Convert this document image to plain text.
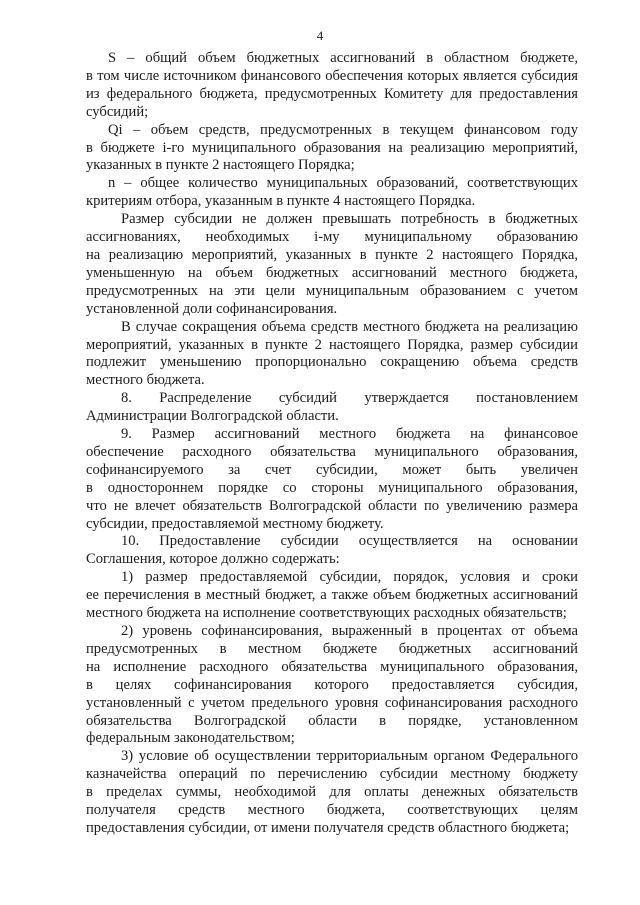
4

S – общий объем бюджетных ассигнований в областном бюджете,
в том числе источником финансового обеспечения которых является субсидия
из федерального бюджета, предусмотренных Комитету для предоставления
субсидий;

Qi – объем средств, предусмотренных в текущем финансовом году
в бюджете i-го муниципального образования на реализацию мероприятий,
указанных в пункте 2 настоящего Порядка;

n – общее количество муниципальных образований, соответствующих
критериям отбора, указанным в пункте 4 настоящего Порядка.

Размер субсидии не должен превышать потребность в бюджетных
ассигнованиях, необходимых i-му муниципальному образованию
на реализацию мероприятий, указанных в пункте 2 настоящего Порядка,
уменьшенную на объем бюджетных ассигнований местного бюджета,
предусмотренных на эти цели муниципальным образованием с учетом
установленной доли софинансирования.

В случае сокращения объема средств местного бюджета на реализацию
мероприятий, указанных в пункте 2 настоящего Порядка, размер субсидии
подлежит уменьшению пропорционально сокращению объема средств
местного бюджета.

8. Распределение субсидий утверждается постановлением
Администрации Волгоградской области.

9. Размер ассигнований местного бюджета на финансовое
обеспечение расходного обязательства муниципального образования,
софинансируемого за счет субсидии, может быть увеличен
в одностороннем порядке со стороны муниципального образования,
что не влечет обязательств Волгоградской области по увеличению размера
субсидии, предоставляемой местному бюджету.

10. Предоставление субсидии осуществляется на основании
Соглашения, которое должно содержать:

1) размер предоставляемой субсидии, порядок, условия и сроки
ее перечисления в местный бюджет, а также объем бюджетных ассигнований
местного бюджета на исполнение соответствующих расходных обязательств;

2) уровень софинансирования, выраженный в процентах от объема
предусмотренных в местном бюджете бюджетных ассигнований
на исполнение расходного обязательства муниципального образования,
в целях софинансирования которого предоставляется субсидия,
установленный с учетом предельного уровня софинансирования расходного
обязательства Волгоградской области в порядке, установленном
федеральным законодательством;

3) условие об осуществлении территориальным органом Федерального
казначейства операций по перечислению субсидии местному бюджету
в пределах суммы, необходимой для оплаты денежных обязательств
получателя средств местного бюджета, соответствующих целям
предоставления субсидии, от имени получателя средств областного бюджета;
